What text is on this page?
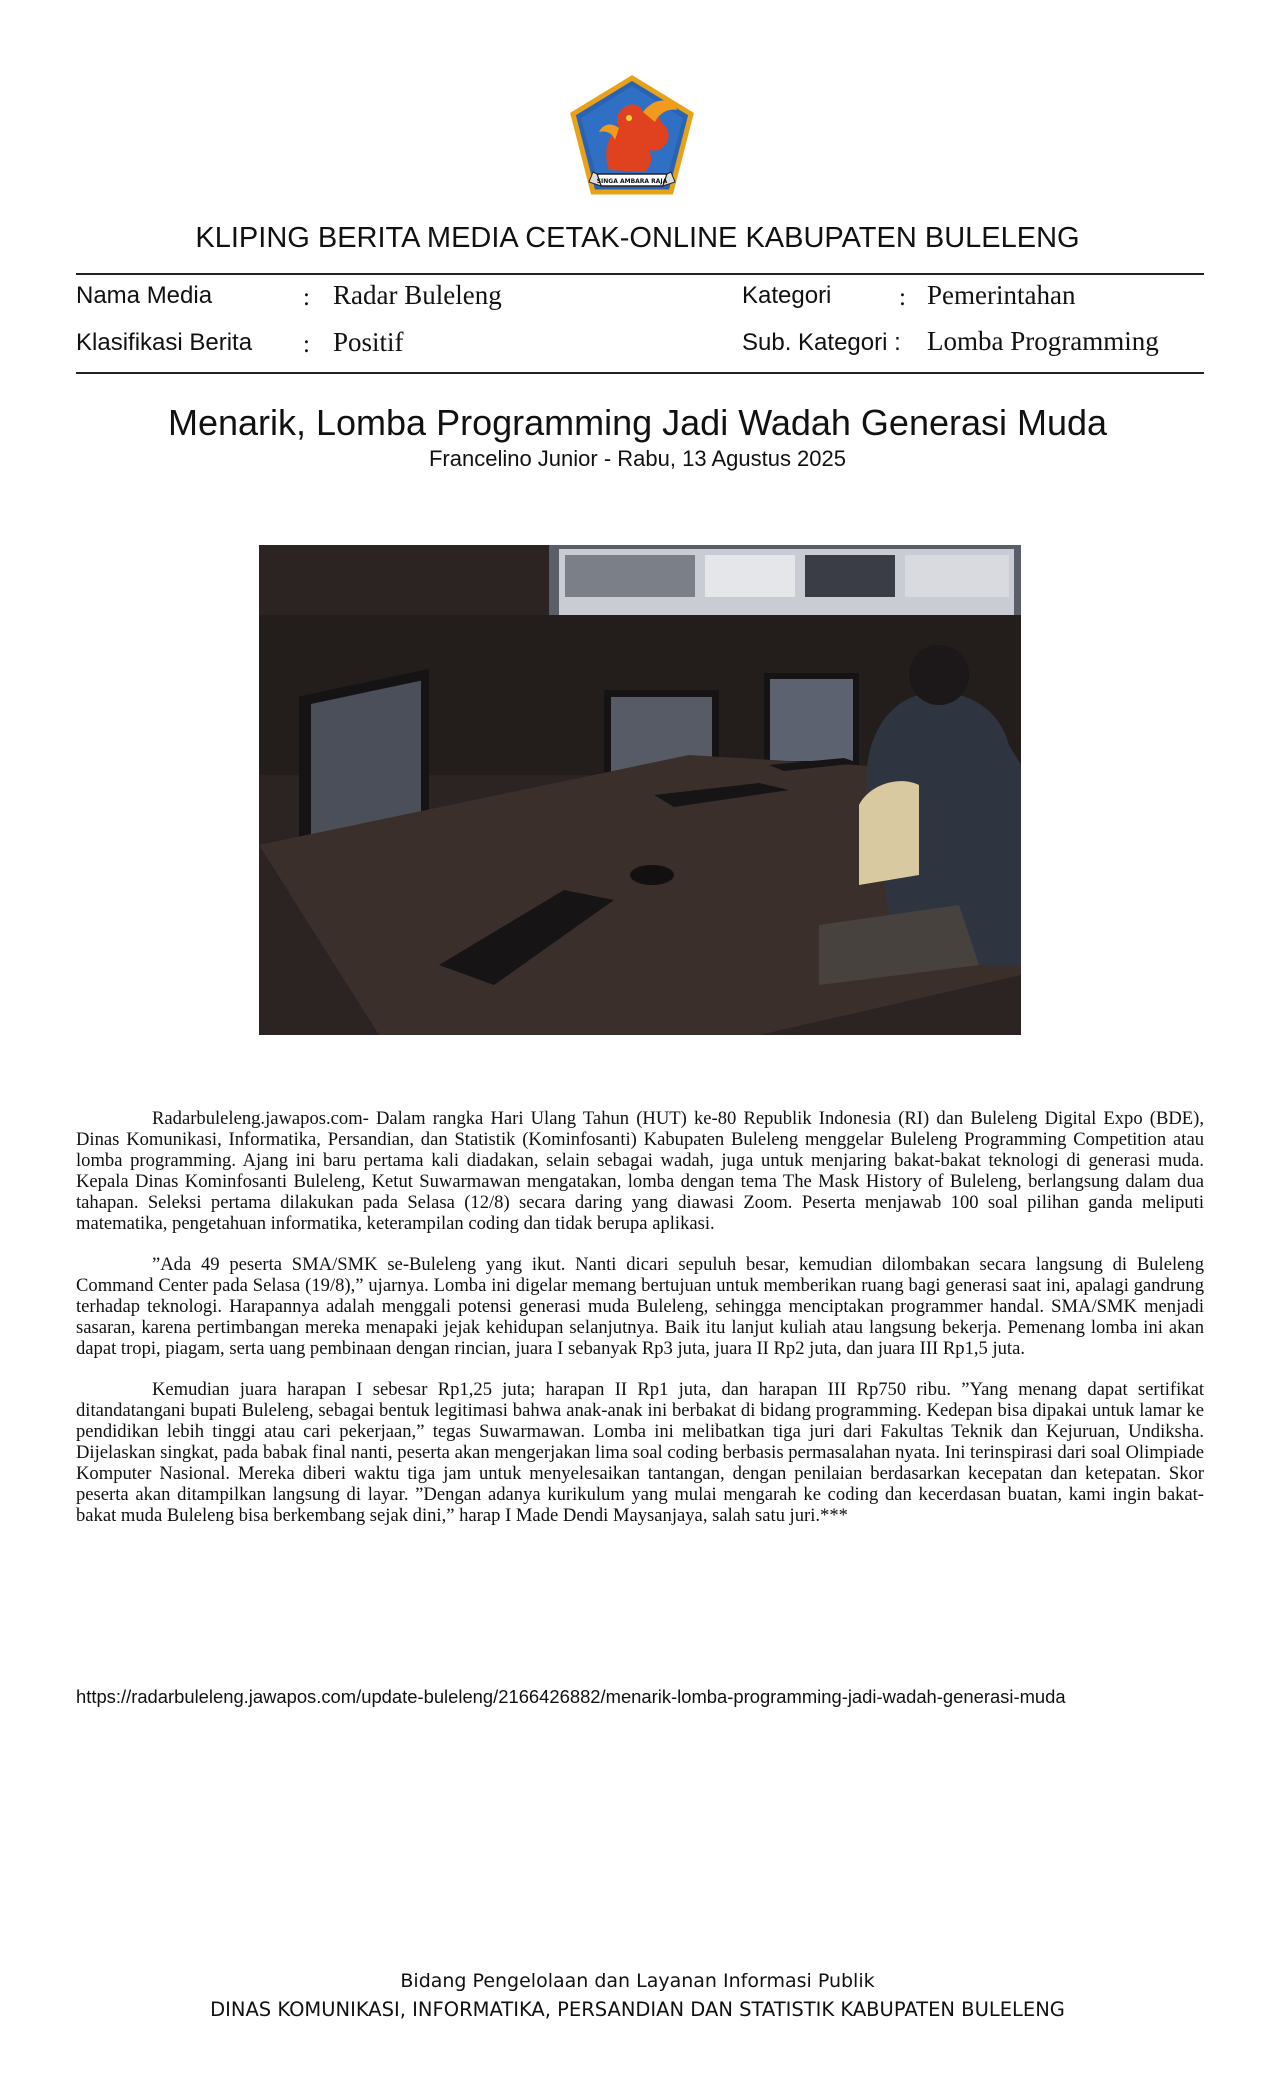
SINGA AMBARA RAJA
KLIPING BERITA MEDIA CETAK-ONLINE KABUPATEN BULELENG
Nama Media	: Radar Buleleng
Klasifikasi Berita : Positif
Kategori	: Pemerintahan
Sub. Kategori : Lomba Programming
Menarik, Lomba Programming Jadi Wadah Generasi Muda
Francelino Junior - Rabu, 13 Agustus 2025

Radarbuleleng.jawapos.com- Dalam rangka Hari Ulang Tahun (HUT) ke-80 Republik Indonesia (RI) dan Buleleng Digital Expo (BDE), Dinas Komunikasi, Informatika, Persandian, dan Statistik (Kominfosanti) Kabupaten Buleleng menggelar Buleleng Programming Competition atau lomba programming. Ajang ini baru pertama kali diadakan, selain sebagai wadah, juga untuk menjaring bakat-bakat teknologi di generasi muda. Kepala Dinas Kominfosanti Buleleng, Ketut Suwarmawan mengatakan, lomba dengan tema The Mask History of Buleleng, berlangsung dalam dua tahapan. Seleksi pertama dilakukan pada Selasa (12/8) secara daring yang diawasi Zoom. Peserta menjawab 100 soal pilihan ganda meliputi matematika, pengetahuan informatika, keterampilan coding dan tidak berupa aplikasi.

”Ada 49 peserta SMA/SMK se-Buleleng yang ikut. Nanti dicari sepuluh besar, kemudian dilombakan secara langsung di Buleleng Command Center pada Selasa (19/8),” ujarnya. Lomba ini digelar memang bertujuan untuk memberikan ruang bagi generasi saat ini, apalagi gandrung terhadap teknologi. Harapannya adalah menggali potensi generasi muda Buleleng, sehingga menciptakan programmer handal. SMA/SMK menjadi sasaran, karena pertimbangan mereka menapaki jejak kehidupan selanjutnya. Baik itu lanjut kuliah atau langsung bekerja. Pemenang lomba ini akan dapat tropi, piagam, serta uang pembinaan dengan rincian, juara I sebanyak Rp3 juta, juara II Rp2 juta, dan juara III Rp1,5 juta.

Kemudian juara harapan I sebesar Rp1,25 juta; harapan II Rp1 juta, dan harapan III Rp750 ribu. ”Yang menang dapat sertifikat ditandatangani bupati Buleleng, sebagai bentuk legitimasi bahwa anak-anak ini berbakat di bidang programming. Kedepan bisa dipakai untuk lamar ke pendidikan lebih tinggi atau cari pekerjaan,” tegas Suwarmawan. Lomba ini melibatkan tiga juri dari Fakultas Teknik dan Kejuruan, Undiksha. Dijelaskan singkat, pada babak final nanti, peserta akan mengerjakan lima soal coding berbasis permasalahan nyata. Ini terinspirasi dari soal Olimpiade Komputer Nasional. Mereka diberi waktu tiga jam untuk menyelesaikan tantangan, dengan penilaian berdasarkan kecepatan dan ketepatan. Skor peserta akan ditampilkan langsung di layar. ”Dengan adanya kurikulum yang mulai mengarah ke coding dan kecerdasan buatan, kami ingin bakat-bakat muda Buleleng bisa berkembang sejak dini,” harap I Made Dendi Maysanjaya, salah satu juri.***

https://radarbuleleng.jawapos.com/update-buleleng/2166426882/menarik-lomba-programming-jadi-wadah-generasi-muda
Bidang Pengelolaan dan Layanan Informasi Publik
DINAS KOMUNIKASI, INFORMATIKA, PERSANDIAN DAN STATISTIK KABUPATEN BULELENG
